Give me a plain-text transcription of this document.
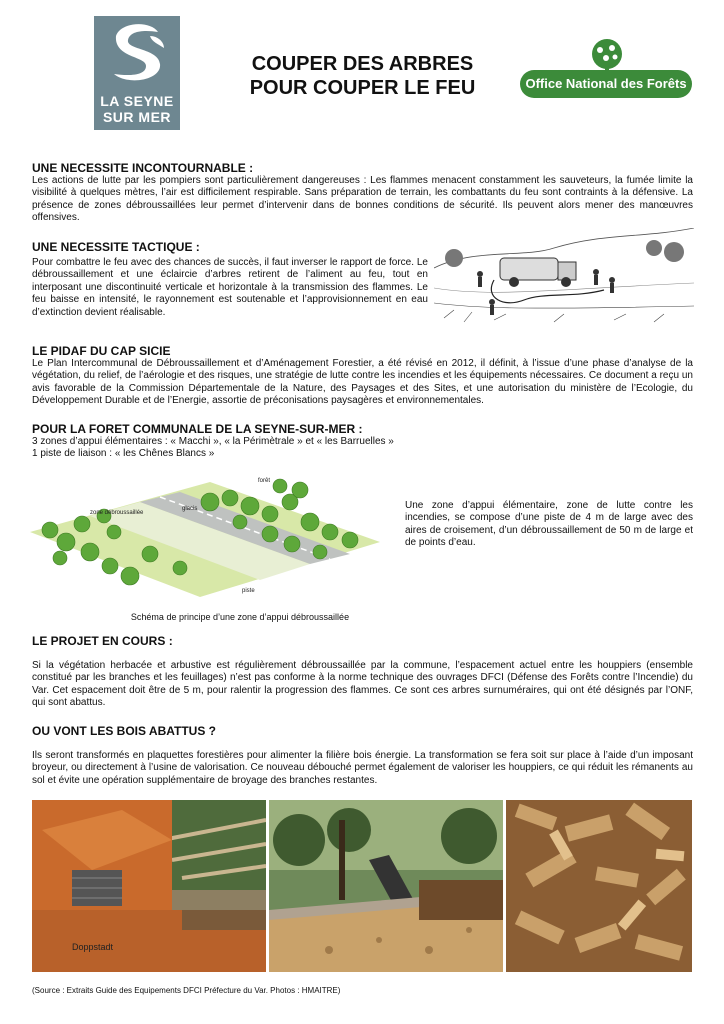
LA SEYNE
SUR MER
COUPER DES ARBRES
POUR COUPER LE FEU	Office National des Forêts
UNE NECESSITE INCONTOURNABLE :

Les actions de lutte par les pompiers sont particulièrement dangereuses : Les flammes menacent constamment les sauveteurs, la fumée limite la visibilité à quelques mètres, l’air est difficilement respirable. Sans préparation de terrain, les combattants du feu sont contraints à la défensive. La présence de zones débroussaillées leur permet d’intervenir dans de bonnes conditions de sécurité. Ils peuvent alors mener des manœuvres offensives.

UNE NECESSITE TACTIQUE :

Pour combattre le feu avec des chances de succès, il faut inverser le rapport de force. Le débroussaillement et une éclaircie d’arbres retirent de l’aliment au feu, tout en interposant une discontinuité verticale et horizontale à la transmission des flammes. Le feu baisse en intensité, le rayonnement est soutenable et l’approvisionnement en eau d’extinction devient réalisable.

LE PIDAF DU CAP SICIE

Le Plan Intercommunal de Débroussaillement et d’Aménagement Forestier, a été révisé en 2012, il définit, à l’issue d’une phase d’analyse de la végétation, du relief, de l’aérologie et des risques, une stratégie de lutte contre les incendies et les équipements nécessaires. Ce document a reçu un avis favorable de la Commission Départementale de la Nature, des Paysages et des Sites, et une autorisation du ministère de l’Ecologie, du Développement Durable et de l’Energie, assortie de préconisations paysagères et environnementales.

POUR LA FORET COMMUNALE DE LA SEYNE-SUR-MER :
3 zones d’appui élémentaires : « Macchi », « la Périmètrale » et « les Barruelles »
1 piste de liaison : « les Chênes Blancs »
zone débroussaillée
glacis
forêt
piste
Schéma de principe d’une zone d’appui débroussaillée

Une zone d’appui élémentaire, zone de lutte contre les incendies, se compose d’une piste de 4 m de large avec des aires de croisement, d’un débroussaillement de 50 m de large et de points d’eau.

LE PROJET EN COURS :

Si la végétation herbacée et arbustive est régulièrement débroussaillée par la commune, l’espacement actuel entre les houppiers (ensemble constitué par les branches et les feuillages) n’est pas conforme à la norme technique des ouvrages DFCI (Défense des Forêts contre l’Incendie) du Var. Cet espacement doit être de 5 m, pour ralentir la progression des flammes. Ce sont ces arbres surnuméraires, qui ont été désignés par l’ONF, qui sont abattus.

OU VONT LES BOIS ABATTUS ?

Ils seront transformés en plaquettes forestières pour alimenter la filière bois énergie. La transformation se fera soit sur place à l’aide d’un imposant broyeur, ou directement à l’usine de valorisation. Ce nouveau débouché permet également de valoriser les houppiers, ce qui réduit les rémanents au sol et évite une opération supplémentaire de broyage des branches restantes.

Doppstadt
(Source : Extraits Guide des Equipements DFCI Préfecture du Var. Photos : HMAITRE)
